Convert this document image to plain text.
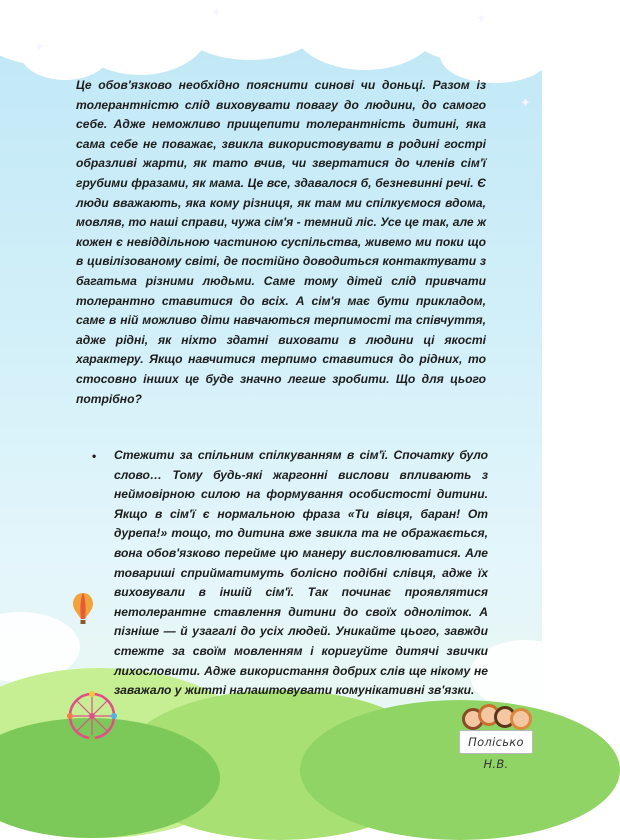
✦
✦
✦
✦

Це обов'язково необхідно пояснити синові чи доньці. Разом із толерантністю слід виховувати повагу до людини, до самого себе. Адже неможливо прищепити толерантність дитині, яка сама себе не поважає, звикла використовувати в родині гострі образливі жарти, як тато вчив, чи звертатися до членів сім'ї грубими фразами, як мама. Це все, здавалося б, безневинні речі. Є люди вважають, яка кому різниця, як там ми спілкуємося вдома, мовляв, то наші справи, чужа сім'я - темний ліс. Усе це так, але ж кожен є невіддільною частиною суспільства, живемо ми поки що в цивілізованому світі, де постійно доводиться контактувати з багатьма різними людьми. Саме тому дітей слід привчати толерантно ставитися до всіх. А сім'я має бути прикладом, саме в ній можливо діти навчаються терпимості та співчуття, адже рідні, як ніхто здатні виховати в людини ці якості характеру. Якщо навчитися терпимо ставитися до рідних, то стосовно інших це буде значно легше зробити. Що для цього потрібно?

• Стежити за спільним спілкуванням в сім'ї. Спочатку було слово… Тому будь-які жаргонні вислови впливають з неймовірною силою на формування особистості дитини. Якщо в сім'ї є нормальною фраза «Ти вівця, баран! От дурепа!» тощо, то дитина вже звикла та не ображається, вона обов'язково перейме цю манеру висловлюватися. Але товариші сприйматимуть болісно подібні слівця, адже їх виховували в іншій сім'ї. Так починає проявлятися нетолерантне ставлення дитини до своїх одноліток. А пізніше — й узагалі до усіх людей. Уникайте цього, завжди стежте за своїм мовленням і коригуйте дитячі звички лихословити. Адже використання добрих слів ще нікому не заважало у житті налаштовувати комунікативні зв'язки.
Полісько Н.В.
